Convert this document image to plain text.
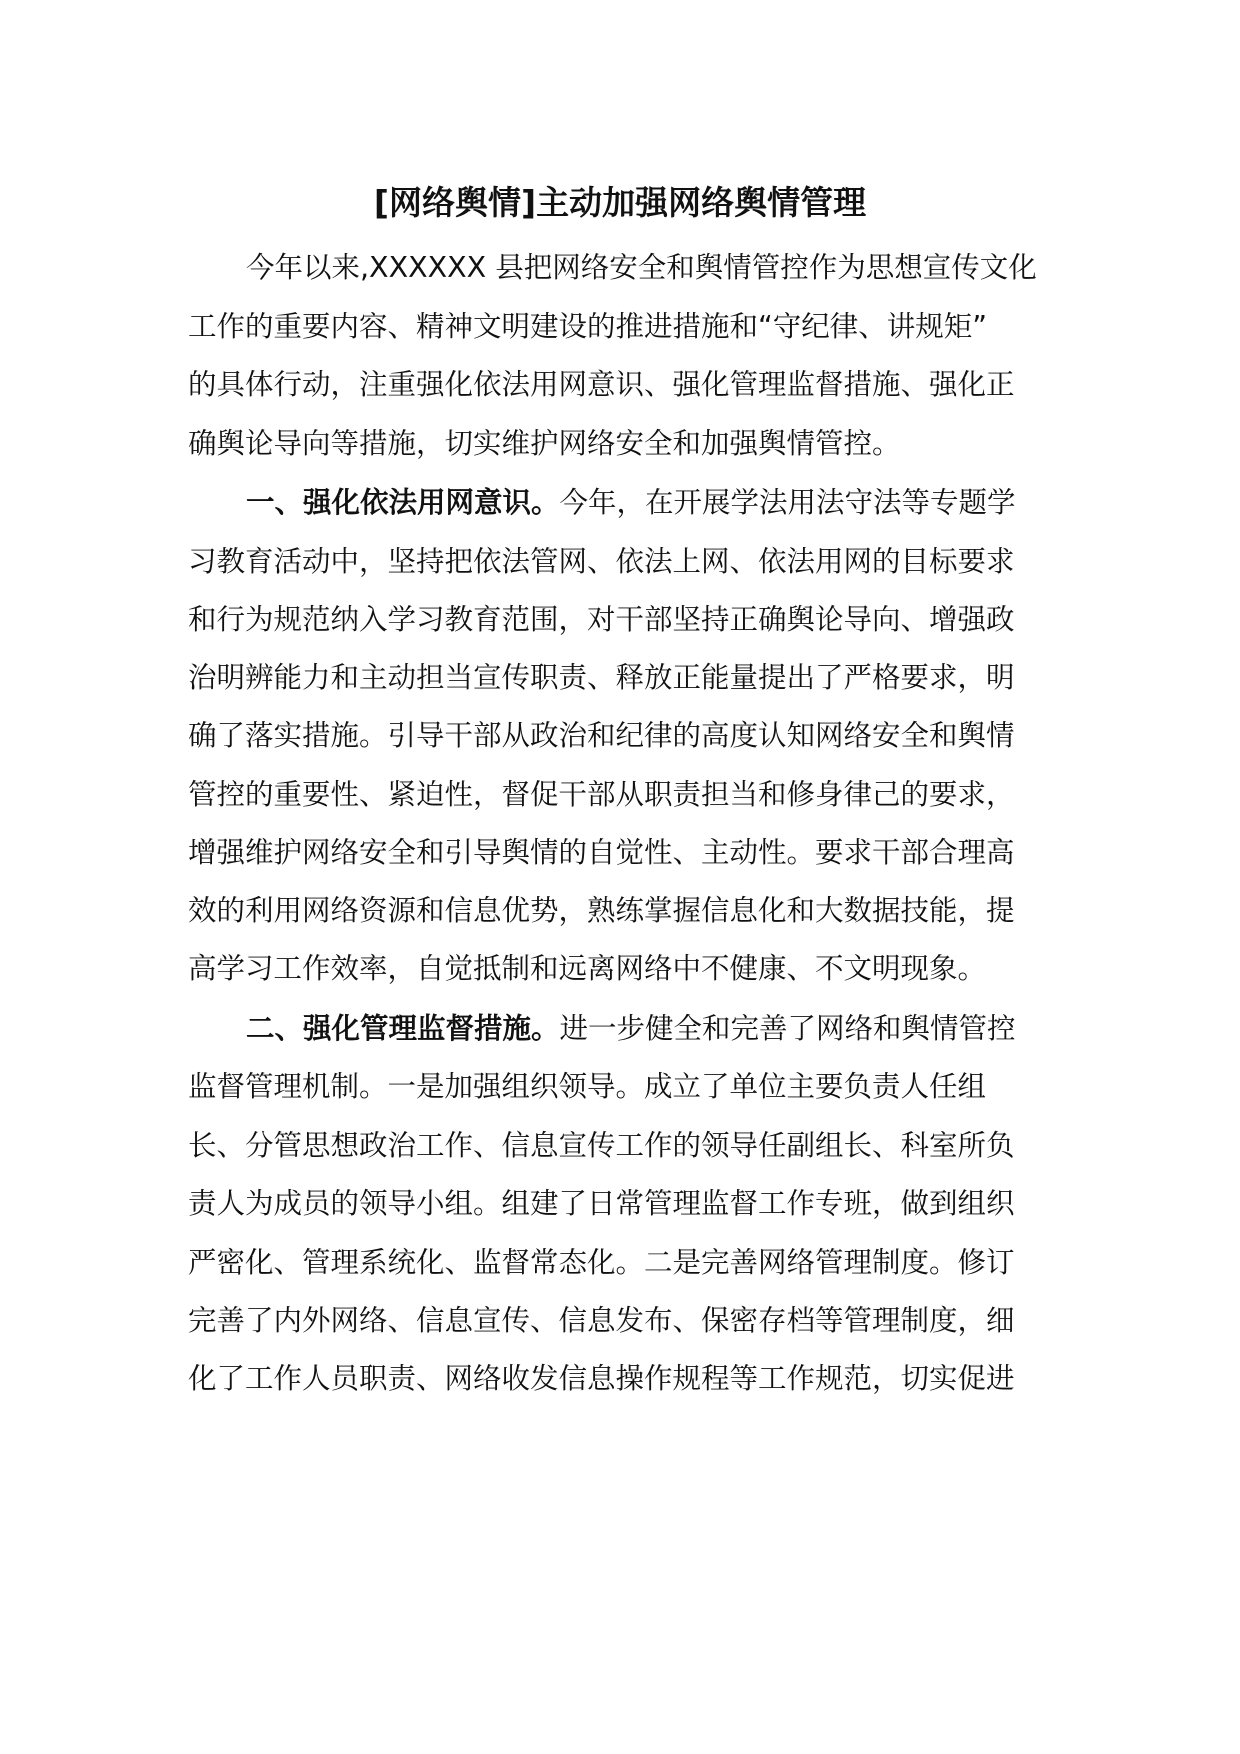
[网络舆情]主动加强网络舆情管理

今年以来,XXXXXX 县把网络安全和舆情管控作为思想宣传文化

工作的重要内容、精神文明建设的推进措施和“守纪律、讲规矩”

的具体行动，注重强化依法用网意识、强化管理监督措施、强化正

确舆论导向等措施，切实维护网络安全和加强舆情管控。

一、强化依法用网意识。今年，在开展学法用法守法等专题学

习教育活动中，坚持把依法管网、依法上网、依法用网的目标要求

和行为规范纳入学习教育范围，对干部坚持正确舆论导向、增强政

治明辨能力和主动担当宣传职责、释放正能量提出了严格要求，明

确了落实措施。引导干部从政治和纪律的高度认知网络安全和舆情

管控的重要性、紧迫性，督促干部从职责担当和修身律己的要求，

增强维护网络安全和引导舆情的自觉性、主动性。要求干部合理高

效的利用网络资源和信息优势，熟练掌握信息化和大数据技能，提

高学习工作效率，自觉抵制和远离网络中不健康、不文明现象。

二、强化管理监督措施。进一步健全和完善了网络和舆情管控

监督管理机制。一是加强组织领导。成立了单位主要负责人任组

长、分管思想政治工作、信息宣传工作的领导任副组长、科室所负

责人为成员的领导小组。组建了日常管理监督工作专班，做到组织

严密化、管理系统化、监督常态化。二是完善网络管理制度。修订

完善了内外网络、信息宣传、信息发布、保密存档等管理制度，细

化了工作人员职责、网络收发信息操作规程等工作规范，切实促进
